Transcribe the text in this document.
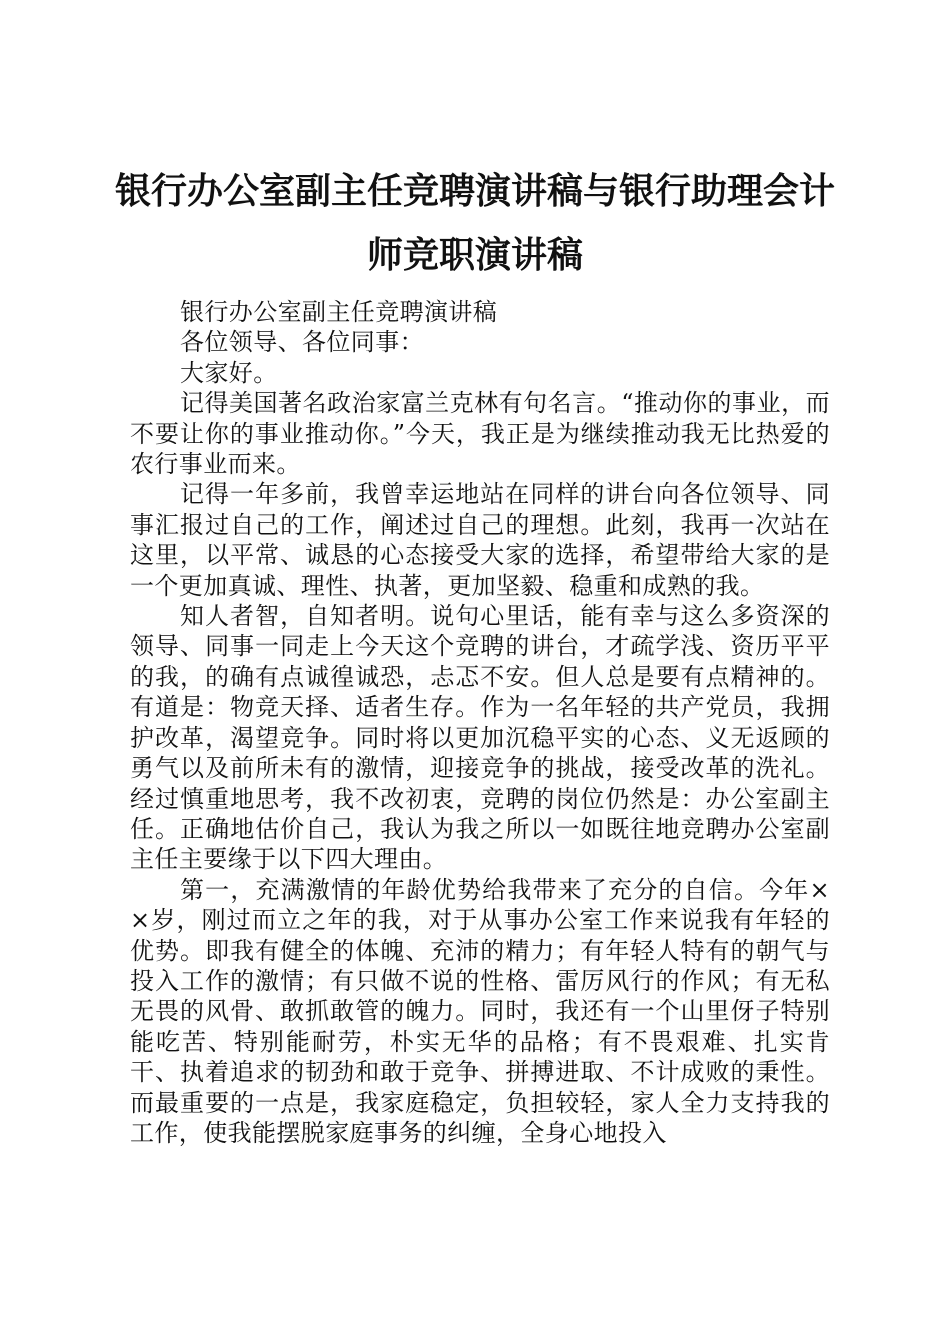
银行办公室副主任竞聘演讲稿与银行助理会计师竞职演讲稿

银行办公室副主任竞聘演讲稿

各位领导、各位同事：

大家好。

记得美国著名政治家富兰克林有句名言。“推动你的事业，而不要让你的事业推动你。”今天，我正是为继续推动我无比热爱的农行事业而来。

记得一年多前，我曾幸运地站在同样的讲台向各位领导、同事汇报过自己的工作，阐述过自己的理想。此刻，我再一次站在这里，以平常、诚恳的心态接受大家的选择，希望带给大家的是一个更加真诚、理性、执著，更加坚毅、稳重和成熟的我。

知人者智，自知者明。说句心里话，能有幸与这么多资深的领导、同事一同走上今天这个竞聘的讲台，才疏学浅、资历平平的我，的确有点诚徨诚恐，忐忑不安。但人总是要有点精神的。有道是：物竞天择、适者生存。作为一名年轻的共产党员，我拥护改革，渴望竞争。同时将以更加沉稳平实的心态、义无返顾的勇气以及前所未有的激情，迎接竞争的挑战，接受改革的洗礼。经过慎重地思考，我不改初衷，竞聘的岗位仍然是：办公室副主任。正确地估价自己，我认为我之所以一如既往地竞聘办公室副主任主要缘于以下四大理由。

第一，充满激情的年龄优势给我带来了充分的自信。今年××岁，刚过而立之年的我，对于从事办公室工作来说我有年轻的优势。即我有健全的体魄、充沛的精力；有年轻人特有的朝气与投入工作的激情；有只做不说的性格、雷厉风行的作风；有无私无畏的风骨、敢抓敢管的魄力。同时，我还有一个山里伢子特别能吃苦、特别能耐劳，朴实无华的品格；有不畏艰难、扎实肯干、执着追求的韧劲和敢于竞争、拼搏进取、不计成败的秉性。而最重要的一点是，我家庭稳定，负担较轻，家人全力支持我的工作，使我能摆脱家庭事务的纠缠，全身心地投入
